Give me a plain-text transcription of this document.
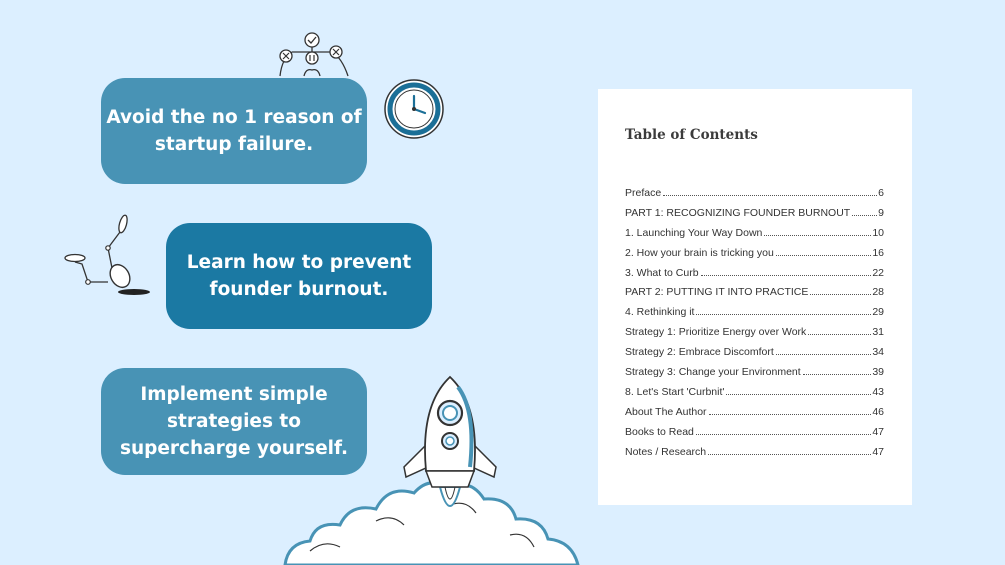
Avoid the no 1 reason of
startup failure.
Learn how to prevent
founder burnout.
Implement simple
strategies to
supercharge yourself.
Table of Contents
Preface	6
PART 1: RECOGNIZING FOUNDER BURNOUT	9
1. Launching Your Way Down	10
2. How your brain is tricking you	16
3. What to Curb	22
PART 2: PUTTING IT INTO PRACTICE	28
4. Rethinking it	29
Strategy 1: Prioritize Energy over Work	31
Strategy 2: Embrace Discomfort	34
Strategy 3: Change your Environment	39
8. Let's Start 'Curbnit'	43
About The Author	46
Books to Read	47
Notes / Research	47
